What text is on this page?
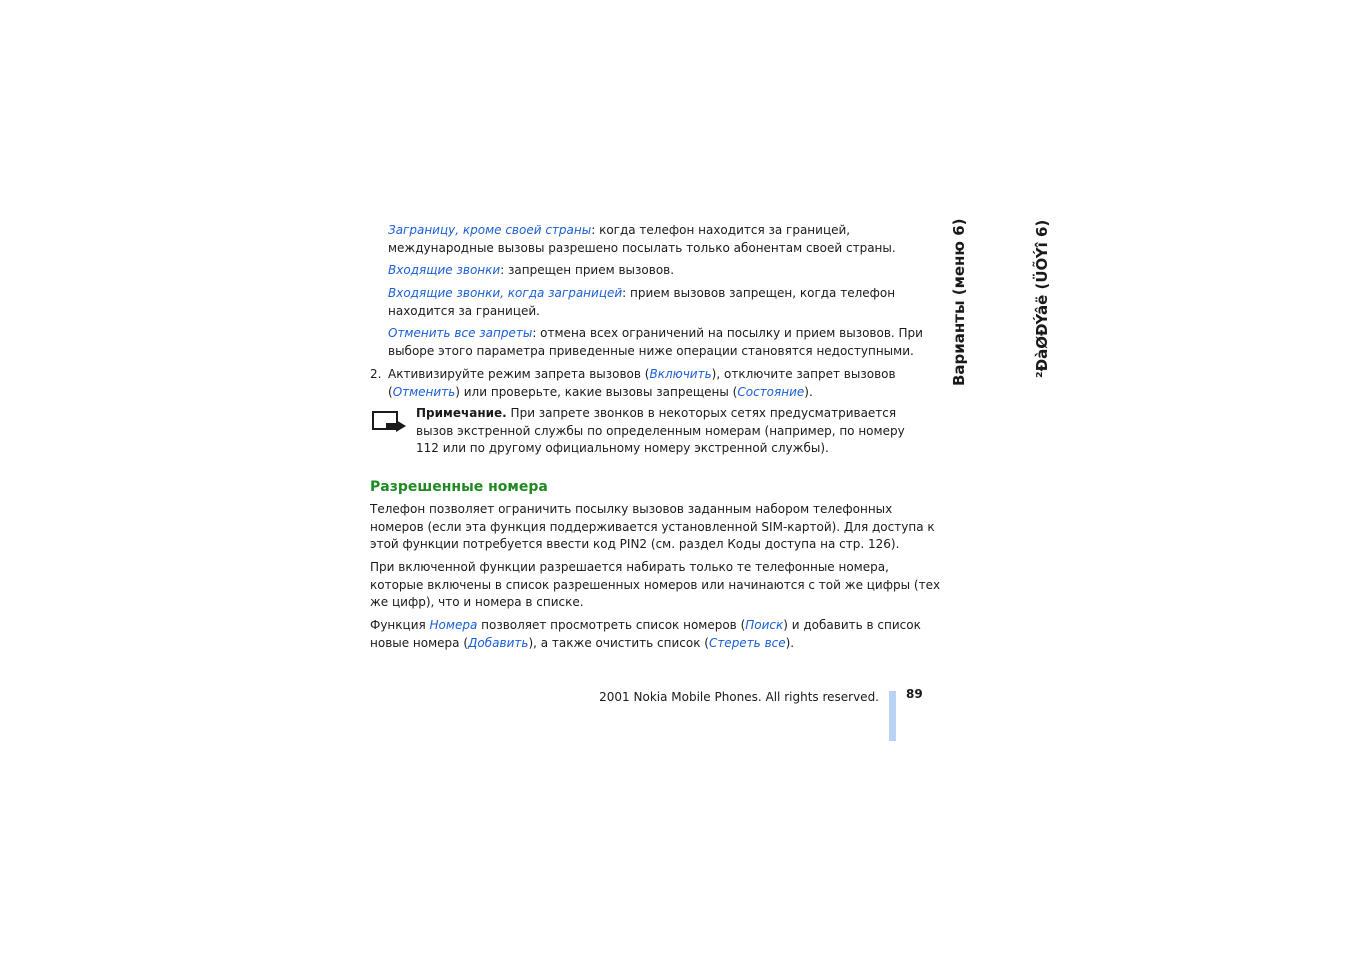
Заграницу, кроме своей страны: когда телефон находится за границей, международные вызовы разрешено посылать только абонентам своей страны.

Входящие звонки: запрещен прием вызовов.

Входящие звонки, когда заграницей: прием вызовов запрещен, когда телефон находится за границей.

Отменить все запреты: отмена всех ограничений на посылку и прием вызовов. При выборе этого параметра приведенные ниже операции становятся недоступными.

2. Активизируйте режим запрета вызовов (Включить), отключите запрет вызовов (Отменить) или проверьте, какие вызовы запрещены (Состояние).

Примечание. При запрете звонков в некоторых сетях предусматривается вызов экстренной службы по определенным номерам (например, по номеру 112 или по другому официальному номеру экстренной службы).

Разрешенные номера

Телефон позволяет ограничить посылку вызовов заданным набором телефонных номеров (если эта функция поддерживается установленной SIM-картой). Для доступа к этой функции потребуется ввести код PIN2 (см. раздел Коды доступа на стр. 126).

При включенной функции разрешается набирать только те телефонные номера, которые включены в список разрешенных номеров или начинаются с той же цифры (тех же цифр), что и номера в списке.

Функция Номера позволяет просмотреть список номеров (Поиск) и добавить в список новые номера (Добавить), а также очистить список (Стереть все).

Варианты (меню 6)	²ÐàØÐÝâë (ÜÕÝî 6)
2001 Nokia Mobile Phones. All rights reserved. 89
